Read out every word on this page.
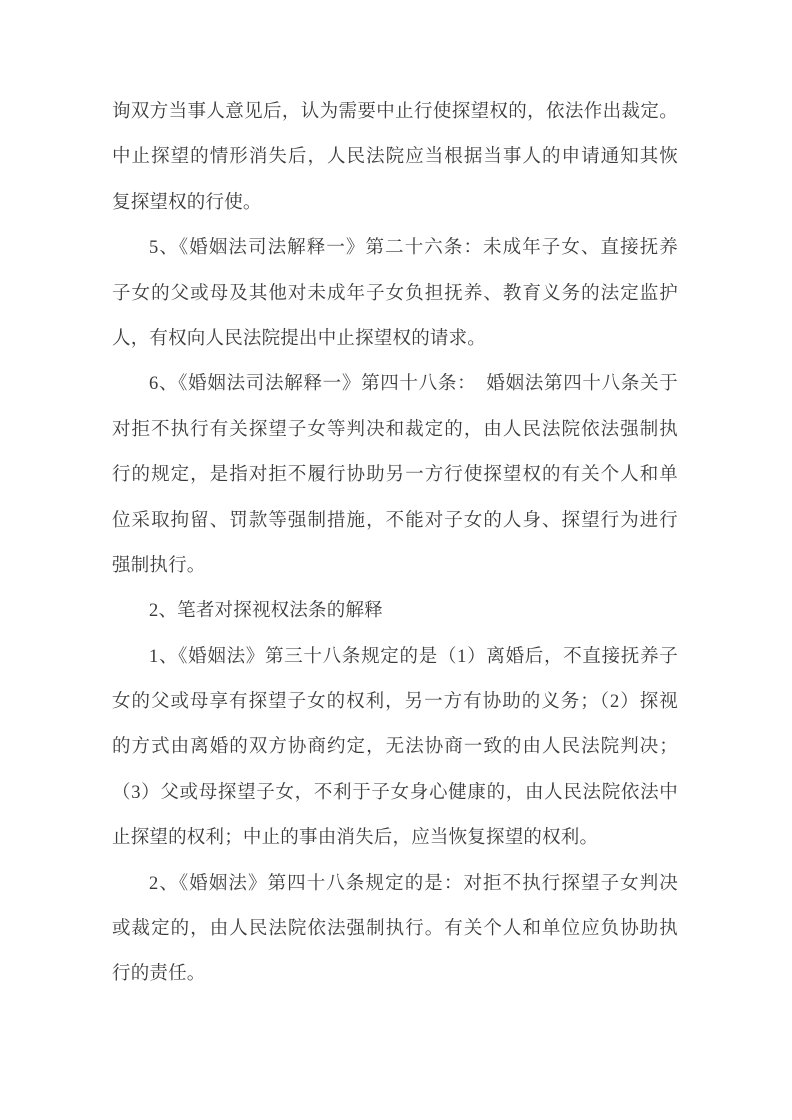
询双方当事人意见后，认为需要中止行使探望权的，依法作出裁定。
中止探望的情形消失后，人民法院应当根据当事人的申请通知其恢
复探望权的行使。
5、《婚姻法司法解释一》第二十六条：未成年子女、直接抚养
子女的父或母及其他对未成年子女负担抚养、教育义务的法定监护
人，有权向人民法院提出中止探望权的请求。
6、《婚姻法司法解释一》第四十八条：　婚姻法第四十八条关于
对拒不执行有关探望子女等判决和裁定的，由人民法院依法强制执
行的规定，是指对拒不履行协助另一方行使探望权的有关个人和单
位采取拘留、罚款等强制措施，不能对子女的人身、探望行为进行
强制执行。
2、笔者对探视权法条的解释
1、《婚姻法》第三十八条规定的是（1）离婚后，不直接抚养子
女的父或母享有探望子女的权利，另一方有协助的义务；（2）探视
的方式由离婚的双方协商约定，无法协商一致的由人民法院判决；
（3）父或母探望子女，不利于子女身心健康的，由人民法院依法中
止探望的权利；中止的事由消失后，应当恢复探望的权利。
2、《婚姻法》第四十八条规定的是：对拒不执行探望子女判决
或裁定的，由人民法院依法强制执行。有关个人和单位应负协助执
行的责任。
